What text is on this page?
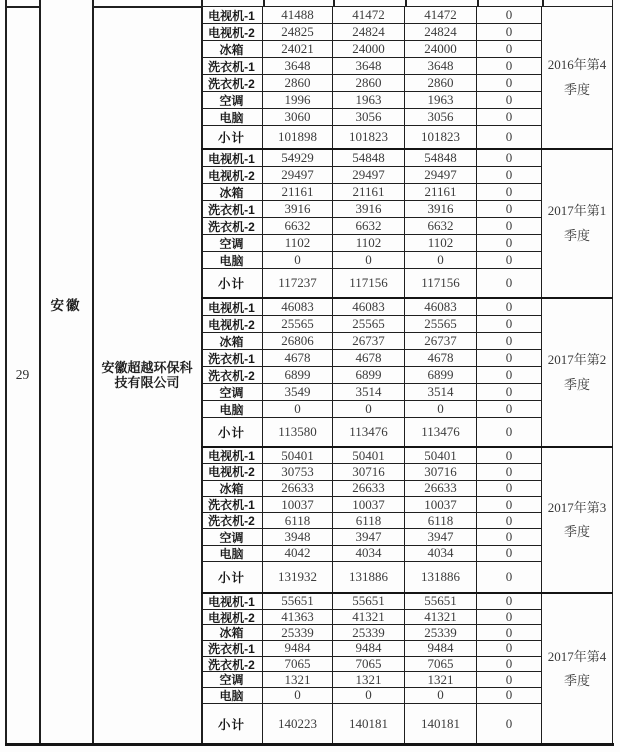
29
安徽
安徽超越环保科技有限公司
2016年第4季度
电视机-1	41488	41472	41472	0
电视机-2	24825	24824	24824	0
冰箱	24021	24000	24000	0
洗衣机-1	3648	3648	3648	0
洗衣机-2	2860	2860	2860	0
空调	1996	1963	1963	0
电脑	3060	3056	3056	0
小计	101898	101823	101823	0
2017年第1季度
电视机-1	54929	54848	54848	0
电视机-2	29497	29497	29497	0
冰箱	21161	21161	21161	0
洗衣机-1	3916	3916	3916	0
洗衣机-2	6632	6632	6632	0
空调	1102	1102	1102	0
电脑	0	0	0	0
小计	117237	117156	117156	0
2017年第2季度
电视机-1	46083	46083	46083	0
电视机-2	25565	25565	25565	0
冰箱	26806	26737	26737	0
洗衣机-1	4678	4678	4678	0
洗衣机-2	6899	6899	6899	0
空调	3549	3514	3514	0
电脑	0	0	0	0
小计	113580	113476	113476	0
2017年第3季度
电视机-1	50401	50401	50401	0
电视机-2	30753	30716	30716	0
冰箱	26633	26633	26633	0
洗衣机-1	10037	10037	10037	0
洗衣机-2	6118	6118	6118	0
空调	3948	3947	3947	0
电脑	4042	4034	4034	0
小计	131932	131886	131886	0
2017年第4季度
电视机-1	55651	55651	55651	0
电视机-2	41363	41321	41321	0
冰箱	25339	25339	25339	0
洗衣机-1	9484	9484	9484	0
洗衣机-2	7065	7065	7065	0
空调	1321	1321	1321	0
电脑	0	0	0	0
小计	140223	140181	140181	0
